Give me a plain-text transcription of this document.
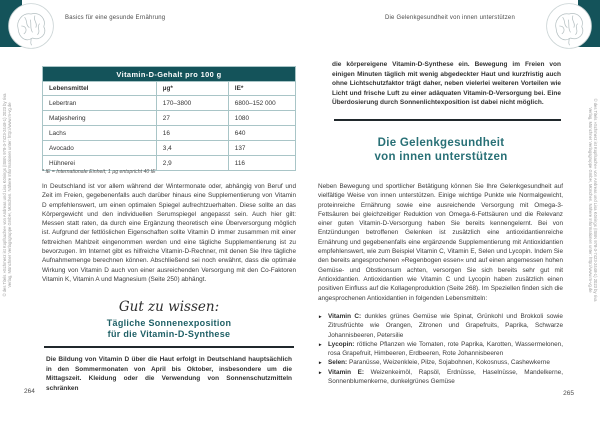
Basics für eine gesunde Ernährung	Die Gelenkgesundheit von innen unterstützen
© des Titels »Schmerz ist Kopfsache« von Andreas und Lisa Könings (ISBN 978-3-7423-2448-1) 2023 by riva Verlag, Münchner Verlagsgruppe GmbH, München. Nähere Informationen unter: http://www.m-vg.de	© des Titels »Schmerz ist Kopfsache« von Andreas und Lisa Könings (ISBN 978-3-7423-2448-1) 2023 by riva Verlag, Münchner Verlagsgruppe GmbH, München. Nähere Informationen unter: http://www.m-vg.de
Vitamin-D-Gehalt pro 100 g		
Lebensmittel	µg*	IE*
Lebertran	170–3800	6800–152 000
Matjeshering	27	1080
Lachs	16	640
Avocado	3,4	137
Hühnerei	2,9	116
* IE = Internationale Einheit; 1 µg entspricht 40 IE

In Deutschland ist vor allem während der Wintermonate oder, abhängig von Beruf und Zeit im Freien, gegebenenfalls auch darüber hinaus eine Supplementierung von Vitamin D empfehlenswert, um einen optimalen Spiegel aufrechtzuerhalten. Diese sollte an das Körpergewicht und den individuellen Serumspiegel angepasst sein. Auch hier gilt: Messen statt raten, da durch eine Ergänzung theoretisch eine Überversorgung möglich ist. Aufgrund der fettlöslichen Eigenschaften sollte Vitamin D immer zusammen mit einer fettreichen Mahlzeit eingenommen werden und eine tägliche Supplementierung ist zu bevorzugen. Im Internet gibt es hilfreiche Vitamin-D-Rechner, mit denen Sie Ihre tägliche Aufnahmemenge berechnen können. Abschließend sei noch erwähnt, dass die optimale Wirkung von Vitamin D auch von einer ausreichenden Versorgung mit den Co-Faktoren Vitamin K, Vitamin A und Magnesium (Seite 250) abhängt.

Gut zu wissen:
Tägliche Sonnenexposition
für die Vitamin-D-Synthese

Die Bildung von Vitamin D über die Haut erfolgt in Deutschland hauptsächlich in den Sommermonaten von April bis Oktober, insbesondere um die Mittagszeit. Kleidung oder die Verwendung von Sonnenschutzmitteln schränken

264

die körpereigene Vitamin-D-Synthese ein. Bewegung im Freien von einigen Minuten täglich mit wenig abgedeckter Haut und kurzfristig auch ohne Lichtschutzfaktor trägt daher, neben vielerlei weiteren Vorteilen wie Licht und frische Luft zu einer adäquaten Vitamin-D-Versorgung bei. Eine Überdosierung durch Sonnenlichtexposition ist dabei nicht möglich.

Die Gelenkgesundheit
von innen unterstützen

Neben Bewegung und sportlicher Betätigung können Sie Ihre Gelenkgesundheit auf vielfältige Weise von innen unterstützen. Einige wichtige Punkte wie Normalgewicht, proteinreiche Ernährung sowie eine ausreichende Versorgung mit Omega-3-Fettsäuren bei gleichzeitiger Reduktion von Omega-6-Fettsäuren und die Relevanz einer guten Vitamin-D-Versorgung haben Sie bereits kennengelernt. Bei von Entzündungen betroffenen Gelenken ist zusätzlich eine antioxidantienreiche Ernährung und gegebenenfalls eine ergänzende Supplementierung mit Antioxidantien empfehlenswert, wie zum Beispiel Vitamin C, Vitamin E, Selen und Lycopin. Indem Sie den bereits angesprochenen »Regenbogen essen« und auf einen angemessen hohen Gemüse- und Obstkonsum achten, versorgen Sie sich bereits sehr gut mit Antioxidantien. Antioxidantien wie Vitamin C und Lycopin haben zusätzlich einen positiven Einfluss auf die Kollagenproduktion (Seite 268). Im Speziellen finden sich die angesprochenen Antioxidantien in folgenden Lebensmitteln:

► Vitamin C: dunkles grünes Gemüse wie Spinat, Grünkohl und Brokkoli sowie Zitrusfrüchte wie Orangen, Zitronen und Grapefruits, Paprika, Schwarze Johannisbeeren, Petersilie
► Lycopin: rötliche Pflanzen wie Tomaten, rote Paprika, Karotten, Wassermelonen, rosa Grapefruit, Himbeeren, Erdbeeren, Rote Johannisbeeren
► Selen: Paranüsse, Weizenkleie, Pilze, Sojabohnen, Kokosnuss, Cashewkerne
► Vitamin E: Weizenkeimöl, Rapsöl, Erdnüsse, Haselnüsse, Mandelkerne, Sonnenblumenkerne, dunkelgrünes Gemüse
265
